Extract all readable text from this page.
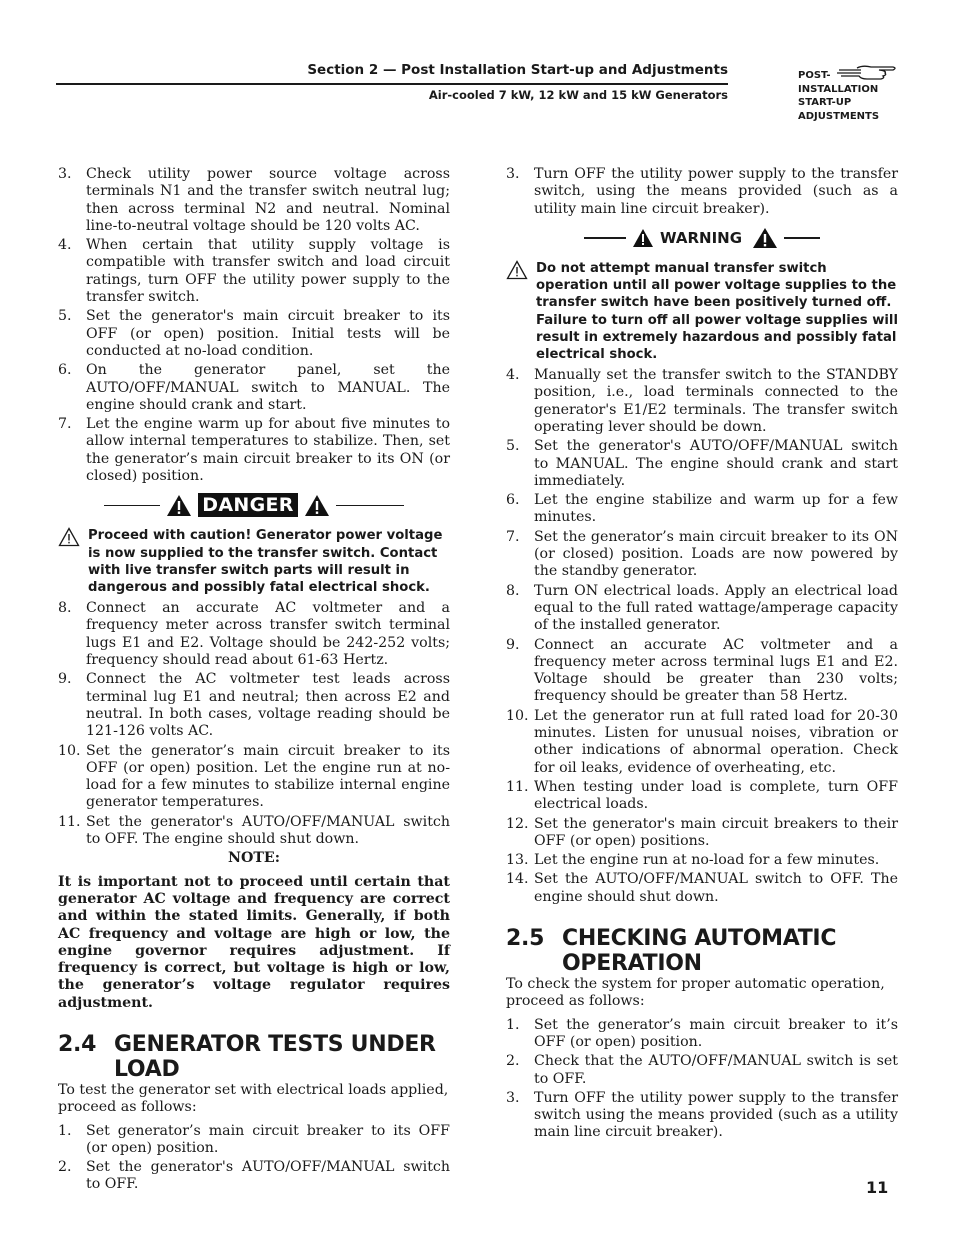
Section 2 — Post Installation Start-up and Adjustments
Air-cooled 7 kW, 12 kW and 15 kW Generators
POST-
INSTALLATION
START-UP
ADJUSTMENTS
3. Check utility power source voltage across terminals N1 and the transfer switch neutral lug; then across terminal N2 and neutral. Nominal line-to-neutral voltage should be 120 volts AC.
4. When certain that utility supply voltage is compatible with transfer switch and load circuit ratings, turn OFF the utility power supply to the transfer switch.
5. Set the generator's main circuit breaker to its OFF (or open) position. Initial tests will be conducted at no-load condition.
6. On the generator panel, set the AUTO/OFF/MANUAL switch to MANUAL. The engine should crank and start.
7. Let the engine warm up for about five minutes to allow internal temperatures to stabilize. Then, set the generator’s main circuit breaker to its ON (or closed) position.
DANGER
Proceed with caution! Generator power voltage is now supplied to the transfer switch. Contact with live transfer switch parts will result in dangerous and possibly fatal electrical shock.
8. Connect an accurate AC voltmeter and a frequency meter across transfer switch terminal lugs E1 and E2. Voltage should be 242-252 volts; frequency should read about 61-63 Hertz.
9. Connect the AC voltmeter test leads across terminal lug E1 and neutral; then across E2 and neutral. In both cases, voltage reading should be 121-126 volts AC.
10. Set the generator’s main circuit breaker to its OFF (or open) position. Let the engine run at no-load for a few minutes to stabilize internal engine generator temperatures.
11. Set the generator's AUTO/OFF/MANUAL switch to OFF. The engine should shut down.
NOTE:
It is important not to proceed until certain that generator AC voltage and frequency are correct and within the stated limits. Generally, if both AC frequency and voltage are high or low, the engine governor requires adjustment. If frequency is correct, but voltage is high or low, the generator’s voltage regulator requires adjustment.
2.4 GENERATOR TESTS UNDER LOAD
To test the generator set with electrical loads applied, proceed as follows:
1. Set generator’s main circuit breaker to its OFF (or open) position.
2. Set the generator's AUTO/OFF/MANUAL switch to OFF.
3. Turn OFF the utility power supply to the transfer switch, using the means provided (such as a utility main line circuit breaker).
WARNING
Do not attempt manual transfer switch operation until all power voltage supplies to the transfer switch have been positively turned off. Failure to turn off all power voltage supplies will result in extremely hazardous and possibly fatal electrical shock.
4. Manually set the transfer switch to the STANDBY position, i.e., load terminals connected to the generator's E1/E2 terminals. The transfer switch operating lever should be down.
5. Set the generator's AUTO/OFF/MANUAL switch to MANUAL. The engine should crank and start immediately.
6. Let the engine stabilize and warm up for a few minutes.
7. Set the generator’s main circuit breaker to its ON (or closed) position. Loads are now powered by the standby generator.
8. Turn ON electrical loads. Apply an electrical load equal to the full rated wattage/amperage capacity of the installed generator.
9. Connect an accurate AC voltmeter and a frequency meter across terminal lugs E1 and E2. Voltage should be greater than 230 volts; frequency should be greater than 58 Hertz.
10. Let the generator run at full rated load for 20-30 minutes. Listen for unusual noises, vibration or other indications of abnormal operation. Check for oil leaks, evidence of overheating, etc.
11. When testing under load is complete, turn OFF electrical loads.
12. Set the generator's main circuit breakers to their OFF (or open) positions.
13. Let the engine run at no-load for a few minutes.
14. Set the AUTO/OFF/MANUAL switch to OFF. The engine should shut down.
2.5 CHECKING AUTOMATIC
OPERATION
To check the system for proper automatic operation, proceed as follows:
1. Set the generator’s main circuit breaker to it’s OFF (or open) position.
2. Check that the AUTO/OFF/MANUAL switch is set to OFF.
3. Turn OFF the utility power supply to the transfer switch using the means provided (such as a utility main line circuit breaker).
11
